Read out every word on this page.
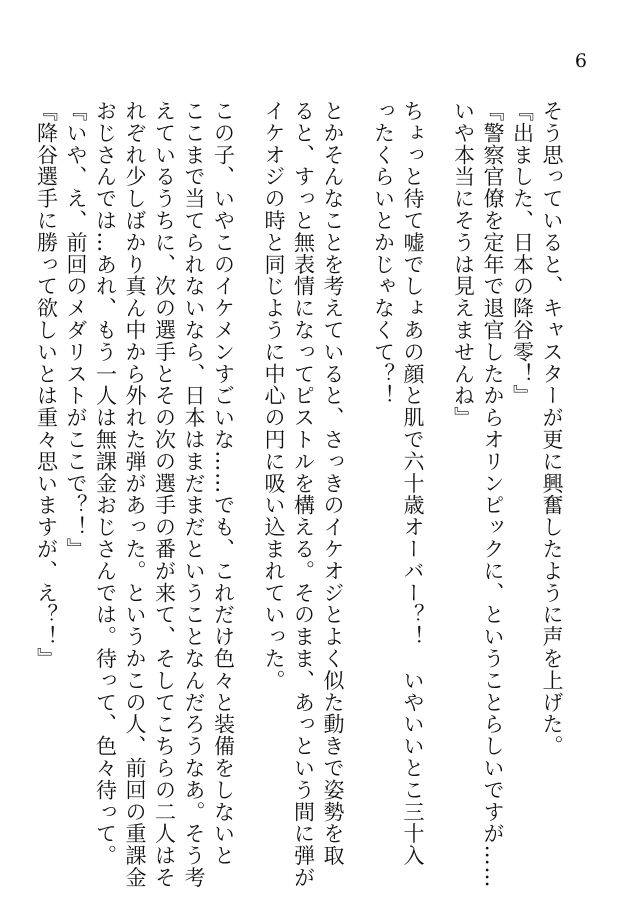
6

そう思っていると、キャスターが更に興奮したように声を上げた。

『出ました、日本の降谷零！』

『警察官僚を定年で退官したからオリンピックに、ということらしいですが……

いや本当にそうは見えませんね』

ちょっと待て嘘でしょあの顔と肌で六十歳オーバー？！　いやいいとこ三十入

ったくらいとかじゃなくて？！

とかそんなことを考えていると、さっきのイケオジとよく似た動きで姿勢を取

ると、すっと無表情になってピストルを構える。そのまま、あっという間に弾が

イケオジの時と同じように中心の円に吸い込まれていった。

この子、いやこのイケメンすごいな……でも、これだけ色々と装備をしないと

ここまで当てられないなら、日本はまだまだということなんだろうなあ。そう考

えているうちに、次の選手とその次の選手の番が来て、そしてこちらの二人はそ

れぞれ少しばかり真ん中から外れた弾があった。というかこの人、前回の重課金

おじさんでは…あれ、もう一人は無課金おじさんでは。待って、色々待って。

『いや、え、前回のメダリストがここで？！』

『降谷選手に勝って欲しいとは重々思いますが、え？！』
